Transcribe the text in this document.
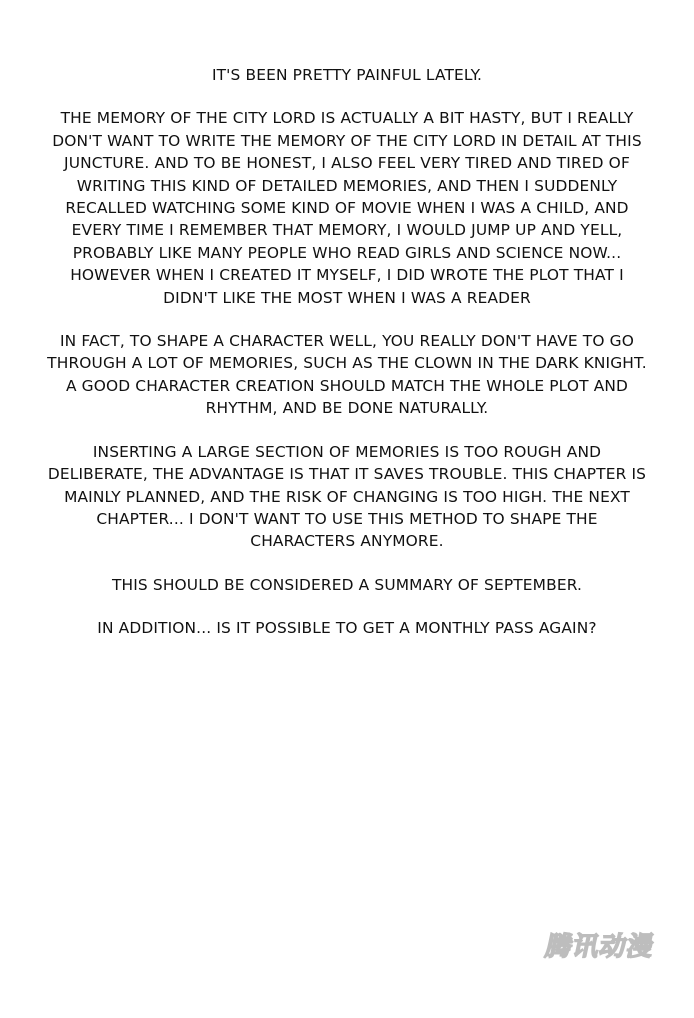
IT'S BEEN PRETTY PAINFUL LATELY.

THE MEMORY OF THE CITY LORD IS ACTUALLY A BIT HASTY, BUT I REALLY DON'T WANT TO WRITE THE MEMORY OF THE CITY LORD IN DETAIL AT THIS JUNCTURE. AND TO BE HONEST, I ALSO FEEL VERY TIRED AND TIRED OF WRITING THIS KIND OF DETAILED MEMORIES, AND THEN I SUDDENLY RECALLED WATCHING SOME KIND OF MOVIE WHEN I WAS A CHILD, AND EVERY TIME I REMEMBER THAT MEMORY, I WOULD JUMP UP AND YELL, PROBABLY LIKE MANY PEOPLE WHO READ GIRLS AND SCIENCE NOW... HOWEVER WHEN I CREATED IT MYSELF, I DID WROTE THE PLOT THAT I DIDN'T LIKE THE MOST WHEN I WAS A READER

IN FACT, TO SHAPE A CHARACTER WELL, YOU REALLY DON'T HAVE TO GO THROUGH A LOT OF MEMORIES, SUCH AS THE CLOWN IN THE DARK KNIGHT. A GOOD CHARACTER CREATION SHOULD MATCH THE WHOLE PLOT AND RHYTHM, AND BE DONE NATURALLY.

INSERTING A LARGE SECTION OF MEMORIES IS TOO ROUGH AND DELIBERATE, THE ADVANTAGE IS THAT IT SAVES TROUBLE. THIS CHAPTER IS MAINLY PLANNED, AND THE RISK OF CHANGING IS TOO HIGH. THE NEXT CHAPTER... I DON'T WANT TO USE THIS METHOD TO SHAPE THE CHARACTERS ANYMORE.

THIS SHOULD BE CONSIDERED A SUMMARY OF SEPTEMBER.

IN ADDITION... IS IT POSSIBLE TO GET A MONTHLY PASS AGAIN?

腾讯动漫
